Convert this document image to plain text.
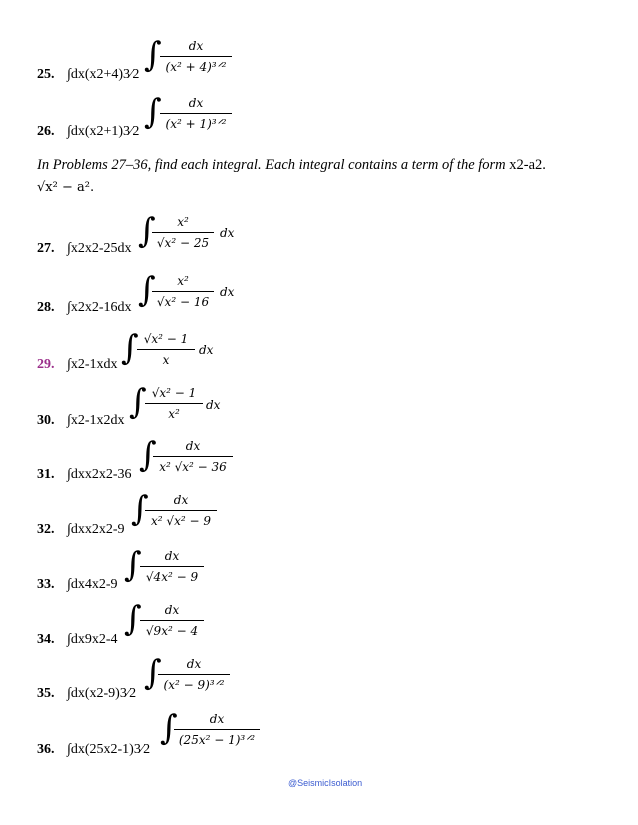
25. ∫dx(x2+4)3⁄2 ∫	dx
(x² + 4)³ᐟ²
26. ∫dx(x2+1)3⁄2 ∫	dx
(x² + 1)³ᐟ²
In Problems 27–36, find each integral. Each integral contains a term of the form x2-a2.
√x² − a².
27. ∫x2x2-25dx ∫	x²
√x² − 25
dx
28. ∫x2x2-16dx ∫	x²
√x² − 16
dx
29. ∫x2-1xdx ∫ √x² − 1
x
dx
30. ∫x2-1x2dx ∫ √x² − 1
x²
dx
31. ∫dxx2x2-36 ∫	dx
x² √x² − 36
32. ∫dxx2x2-9
∫	dx
x² √x² − 9
33. ∫dx4x2-9 ∫	dx
√4x² − 9
34. ∫dx9x2-4
∫	dx
√9x² − 4
35. ∫dx(x2-9)3⁄2
∫	dx
(x² − 9)³ᐟ²
36. ∫dx(25x2-1)3⁄2
∫	dx
(25x² − 1)³ᐟ²
@SeismicIsolation
